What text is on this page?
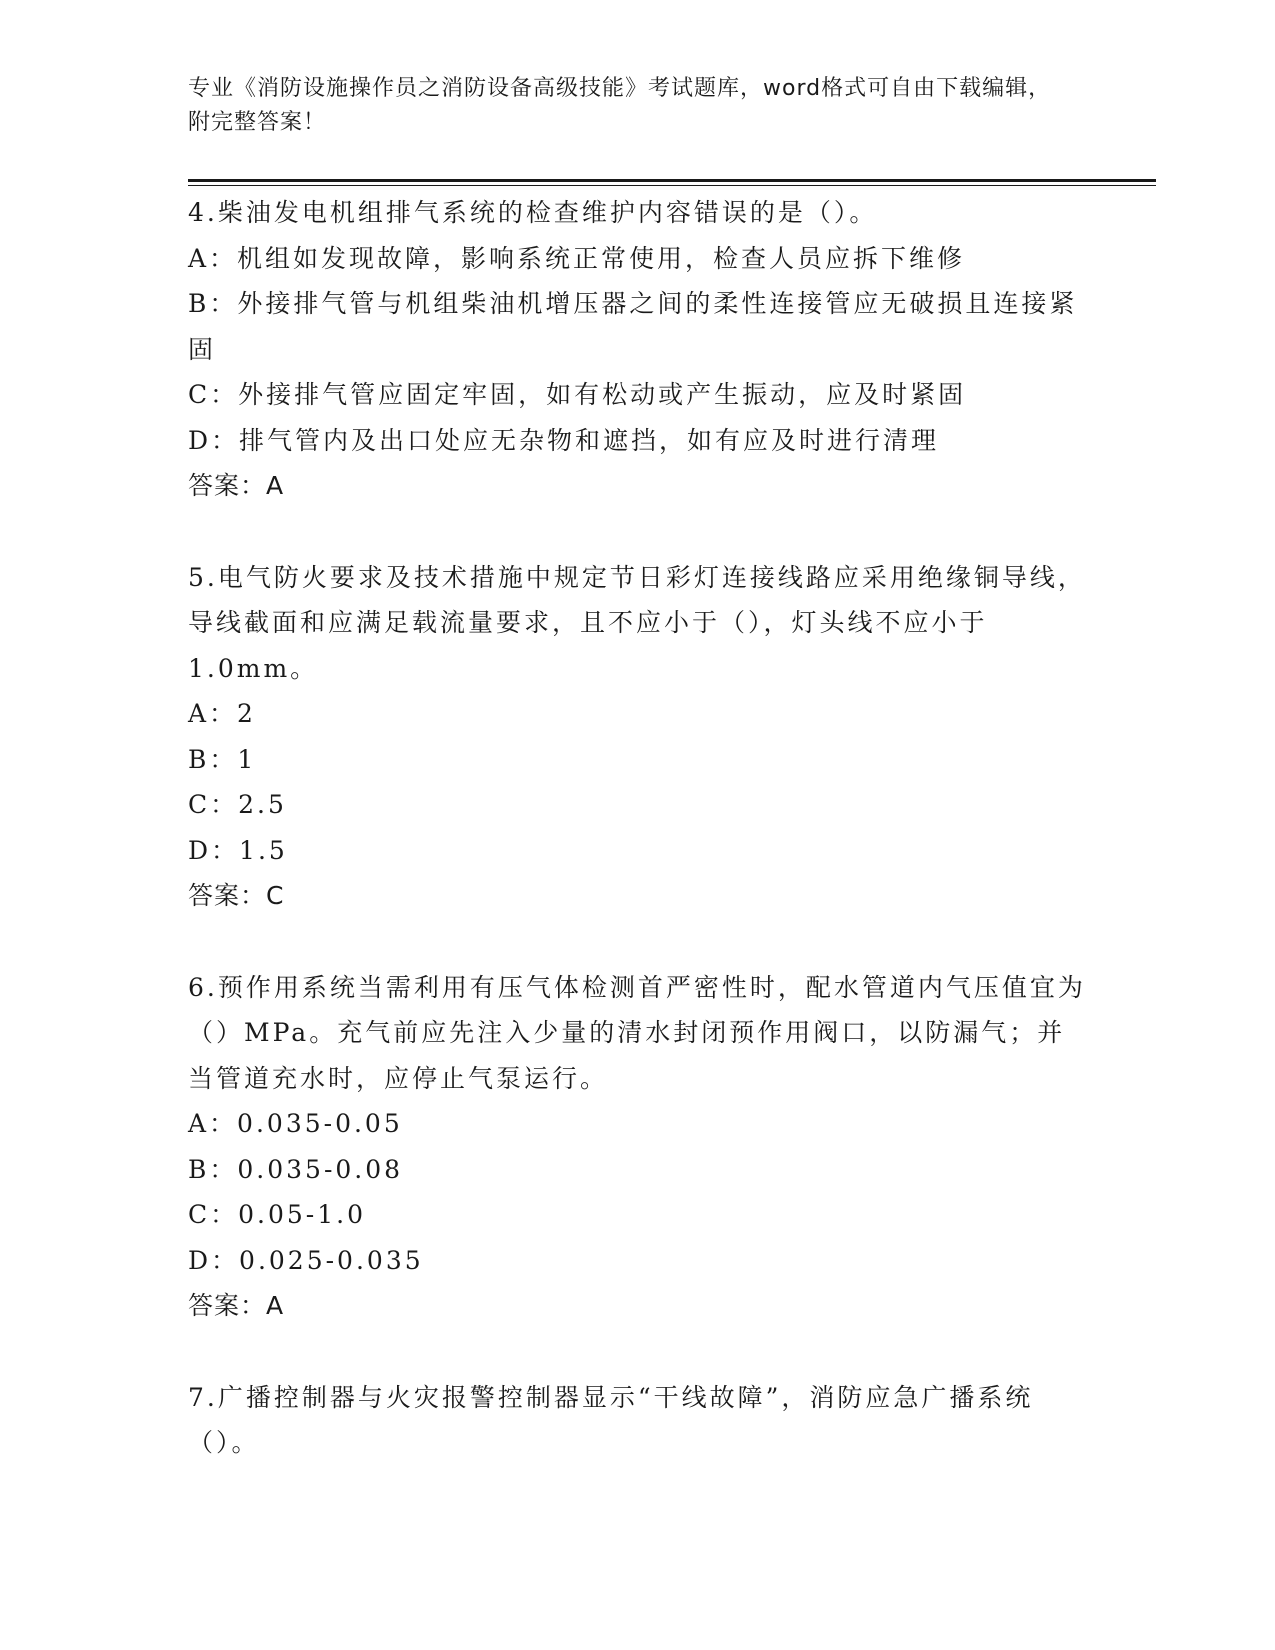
专业《消防设施操作员之消防设备高级技能》考试题库，word格式可自由下载编辑，附完整答案！

4.柴油发电机组排气系统的检查维护内容错误的是（）。

A：机组如发现故障，影响系统正常使用，检查人员应拆下维修

B：外接排气管与机组柴油机增压器之间的柔性连接管应无破损且连接紧固

C：外接排气管应固定牢固，如有松动或产生振动，应及时紧固

D：排气管内及出口处应无杂物和遮挡，如有应及时进行清理

答案：A

5.电气防火要求及技术措施中规定节日彩灯连接线路应采用绝缘铜导线，导线截面和应满足载流量要求，且不应小于（），灯头线不应小于1.0mm。

A：2

B：1

C：2.5

D：1.5

答案：C

6.预作用系统当需利用有压气体检测首严密性时，配水管道内气压值宜为（）MPa。充气前应先注入少量的清水封闭预作用阀口，以防漏气；并当管道充水时，应停止气泵运行。

A：0.035-0.05

B：0.035-0.08

C：0.05-1.0

D：0.025-0.035

答案：A

7.广播控制器与火灾报警控制器显示“干线故障”，消防应急广播系统（）。
